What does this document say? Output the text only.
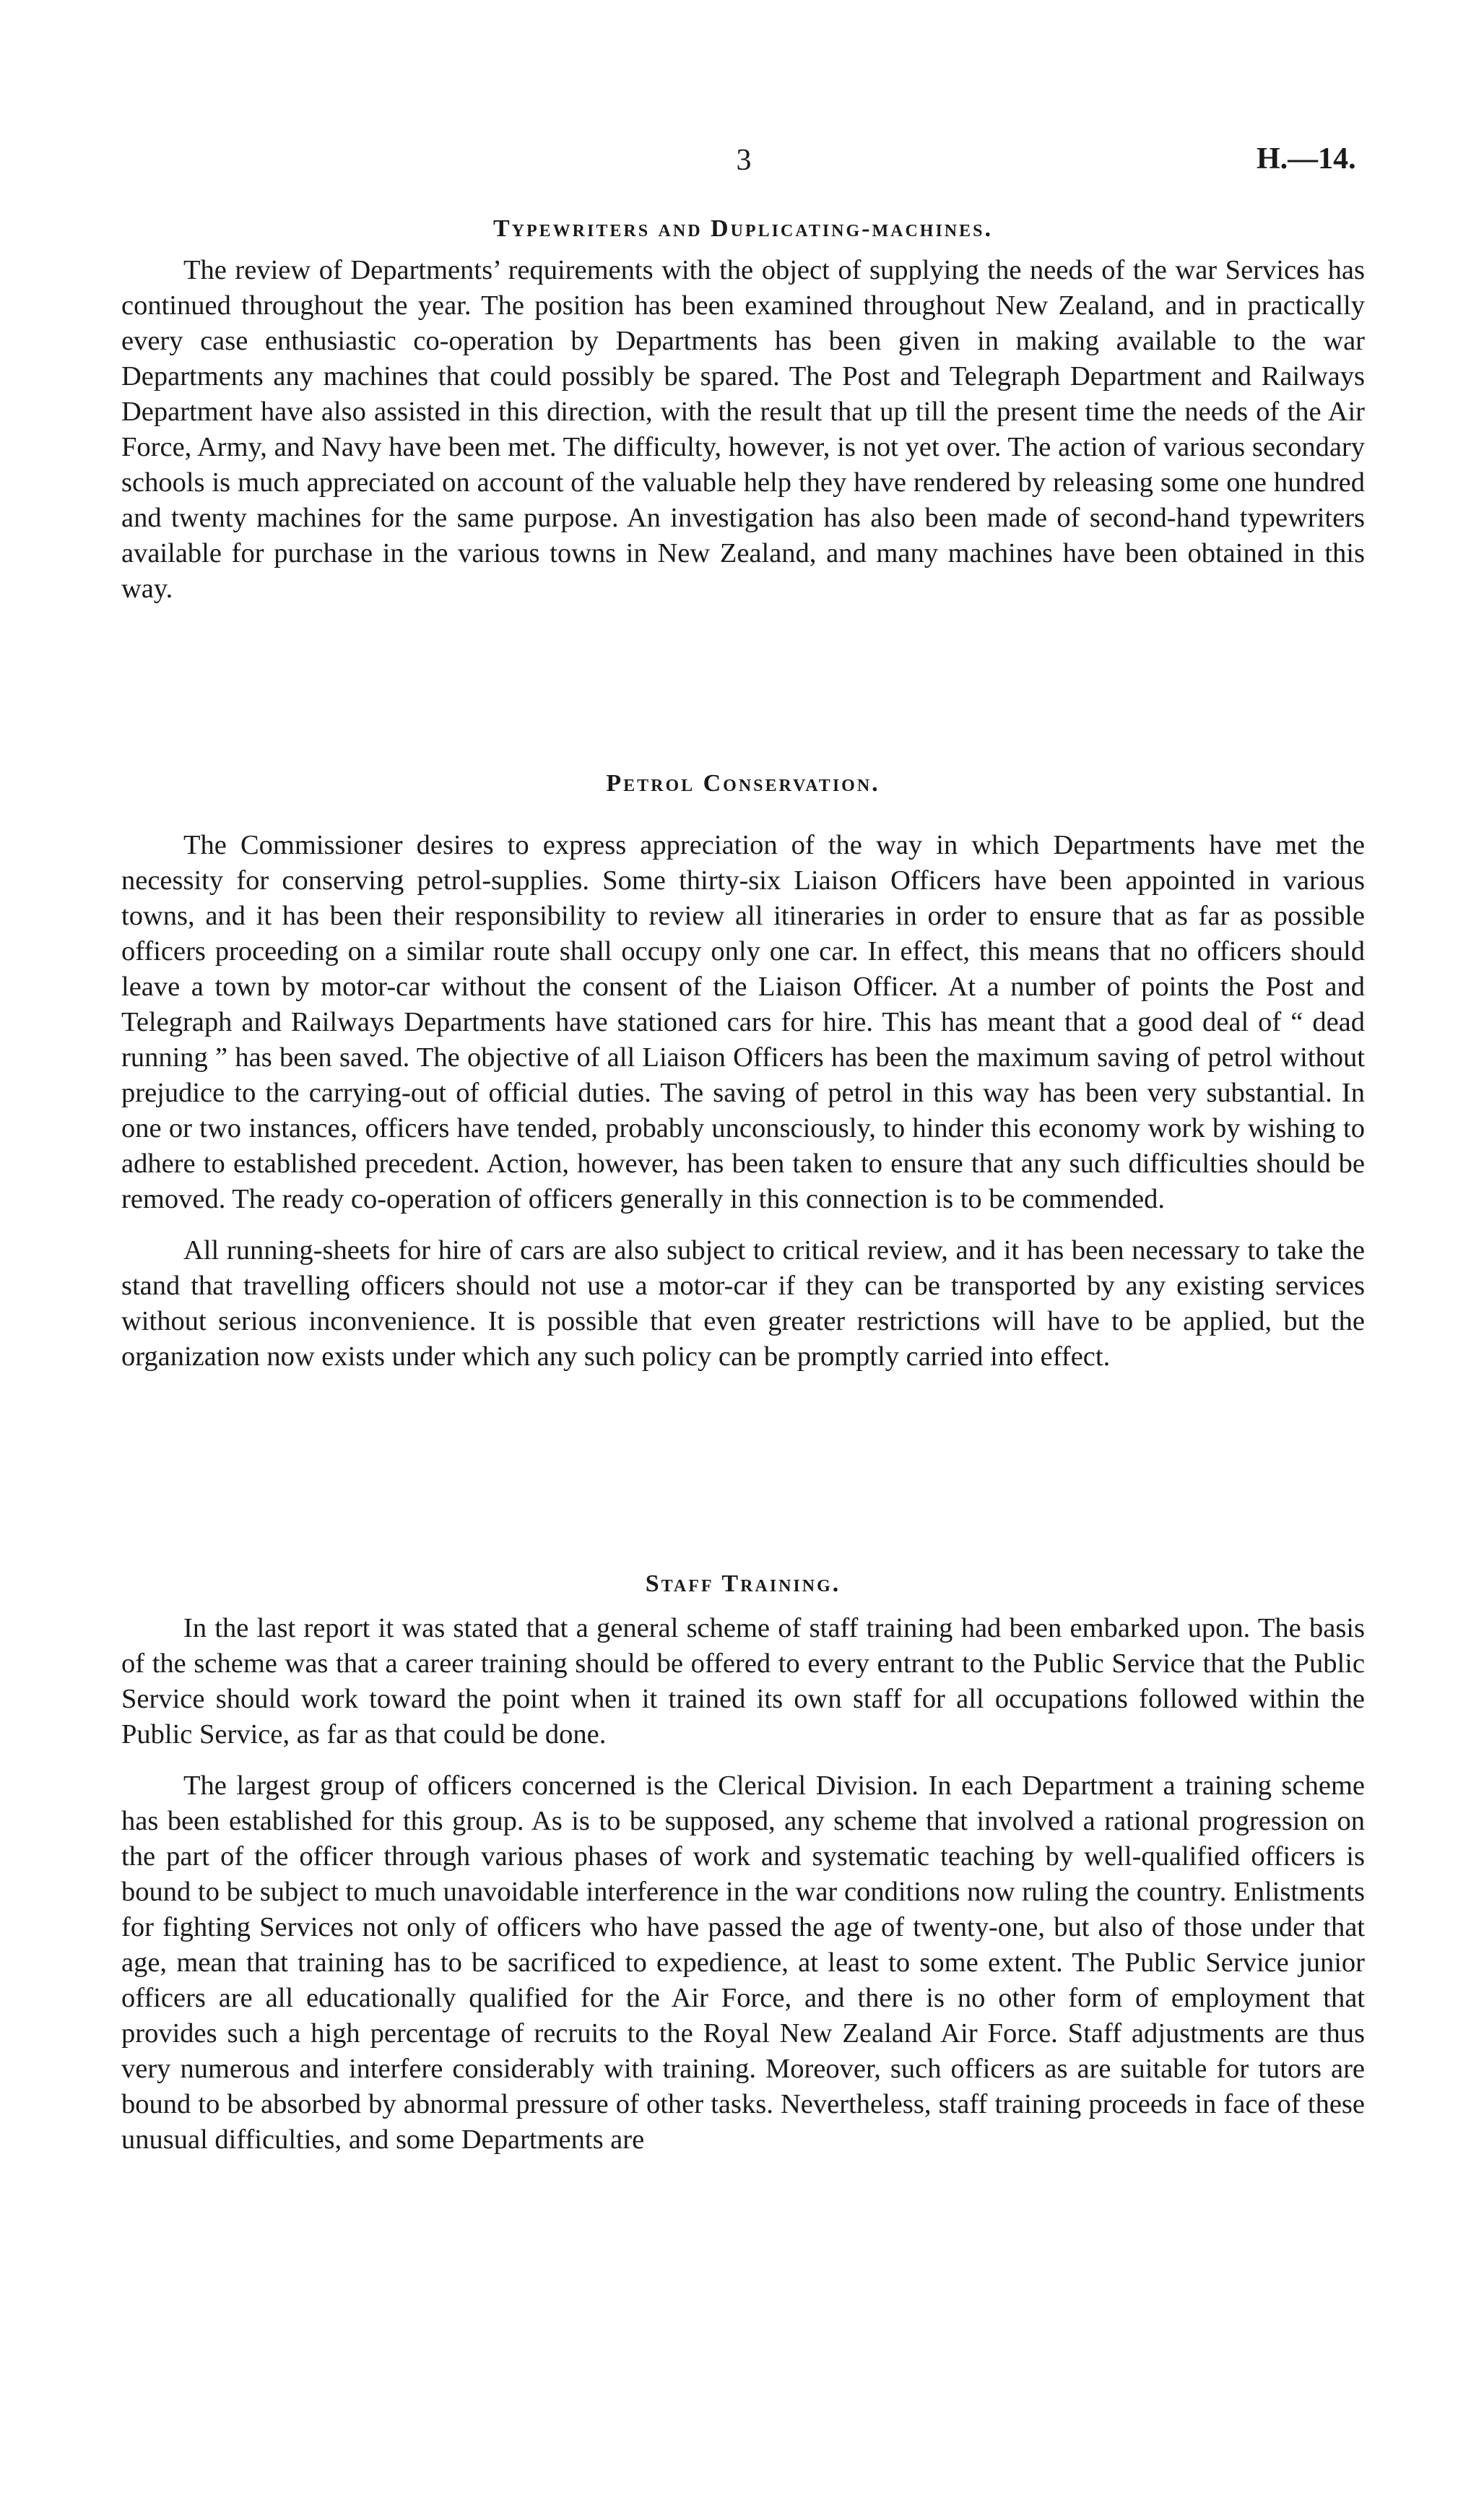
3	H.—14.
Typewriters and Duplicating-machines.

The review of Departments’ requirements with the object of supplying the needs of the war Services has continued throughout the year. The position has been examined throughout New Zealand, and in practically every case enthusiastic co-operation by Departments has been given in making available to the war Departments any machines that could possibly be spared. The Post and Telegraph Department and Railways Department have also assisted in this direction, with the result that up till the present time the needs of the Air Force, Army, and Navy have been met. The difficulty, however, is not yet over. The action of various secondary schools is much appreciated on account of the valuable help they have rendered by releasing some one hundred and twenty machines for the same purpose. An investigation has also been made of second-hand typewriters available for purchase in the various towns in New Zealand, and many machines have been obtained in this way.

Petrol Conservation.

The Commissioner desires to express appreciation of the way in which Departments have met the necessity for conserving petrol-supplies. Some thirty-six Liaison Officers have been appointed in various towns, and it has been their responsibility to review all itineraries in order to ensure that as far as possible officers proceeding on a similar route shall occupy only one car. In effect, this means that no officers should leave a town by motor-car without the consent of the Liaison Officer. At a number of points the Post and Telegraph and Railways Departments have stationed cars for hire. This has meant that a good deal of “ dead running ” has been saved. The objective of all Liaison Officers has been the maximum saving of petrol without prejudice to the carrying-out of official duties. The saving of petrol in this way has been very substantial. In one or two instances, officers have tended, probably unconsciously, to hinder this economy work by wishing to adhere to established precedent. Action, however, has been taken to ensure that any such difficulties should be removed. The ready co-operation of officers generally in this connection is to be commended.

All running-sheets for hire of cars are also subject to critical review, and it has been necessary to take the stand that travelling officers should not use a motor-car if they can be transported by any existing services without serious inconvenience. It is possible that even greater restrictions will have to be applied, but the organization now exists under which any such policy can be promptly carried into effect.

Staff Training.

In the last report it was stated that a general scheme of staff training had been embarked upon. The basis of the scheme was that a career training should be offered to every entrant to the Public Service that the Public Service should work toward the point when it trained its own staff for all occupations followed within the Public Service, as far as that could be done.

The largest group of officers concerned is the Clerical Division. In each Department a training scheme has been established for this group. As is to be supposed, any scheme that involved a rational progression on the part of the officer through various phases of work and systematic teaching by well-qualified officers is bound to be subject to much unavoidable interference in the war conditions now ruling the country. Enlistments for fighting Services not only of officers who have passed the age of twenty-one, but also of those under that age, mean that training has to be sacrificed to expedience, at least to some extent. The Public Service junior officers are all educationally qualified for the Air Force, and there is no other form of employment that provides such a high percentage of recruits to the Royal New Zealand Air Force. Staff adjustments are thus very numerous and interfere considerably with training. Moreover, such officers as are suitable for tutors are bound to be absorbed by abnormal pressure of other tasks. Nevertheless, staff training proceeds in face of these unusual difficulties, and some Departments are
